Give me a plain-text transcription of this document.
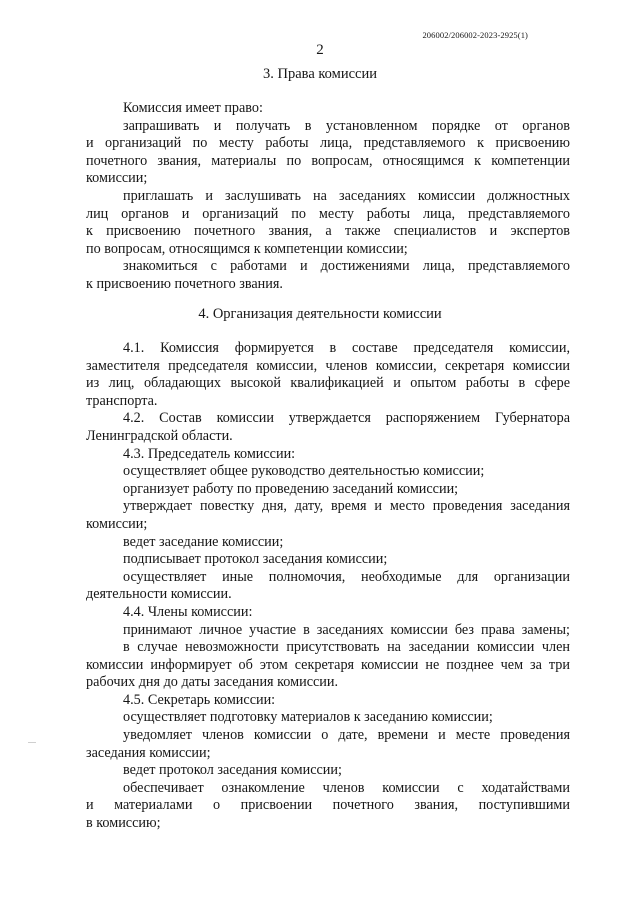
206002/206002-2023-2925(1)
2
3. Права комиссии
Комиссия имеет право:
запрашивать и получать в установленном порядке от органов
и организаций по месту работы лица, представляемого к присвоению
почетного звания, материалы по вопросам, относящимся к компетенции
комиссии;
приглашать и заслушивать на заседаниях комиссии должностных
лиц органов и организаций по месту работы лица, представляемого
к присвоению почетного звания, а также специалистов и экспертов
по вопросам, относящимся к компетенции комиссии;
знакомиться с работами и достижениями лица, представляемого
к присвоению почетного звания.
4. Организация деятельности комиссии
4.1. Комиссия формируется в составе председателя комиссии,
заместителя председателя комиссии, членов комиссии, секретаря комиссии
из лиц, обладающих высокой квалификацией и опытом работы в сфере
транспорта.
4.2. Состав комиссии утверждается распоряжением Губернатора
Ленинградской области.
4.3. Председатель комиссии:
осуществляет общее руководство деятельностью комиссии;
организует работу по проведению заседаний комиссии;
утверждает повестку дня, дату, время и место проведения заседания
комиссии;
ведет заседание комиссии;
подписывает протокол заседания комиссии;
осуществляет иные полномочия, необходимые для организации
деятельности комиссии.
4.4. Члены комиссии:
принимают личное участие в заседаниях комиссии без права замены;
в случае невозможности присутствовать на заседании комиссии член
комиссии информирует об этом секретаря комиссии не позднее чем за три
рабочих дня до даты заседания комиссии.
4.5. Секретарь комиссии:
осуществляет подготовку материалов к заседанию комиссии;
уведомляет членов комиссии о дате, времени и месте проведения
заседания комиссии;
ведет протокол заседания комиссии;
обеспечивает ознакомление членов комиссии с ходатайствами
и материалами о присвоении почетного звания, поступившими
в комиссию;
